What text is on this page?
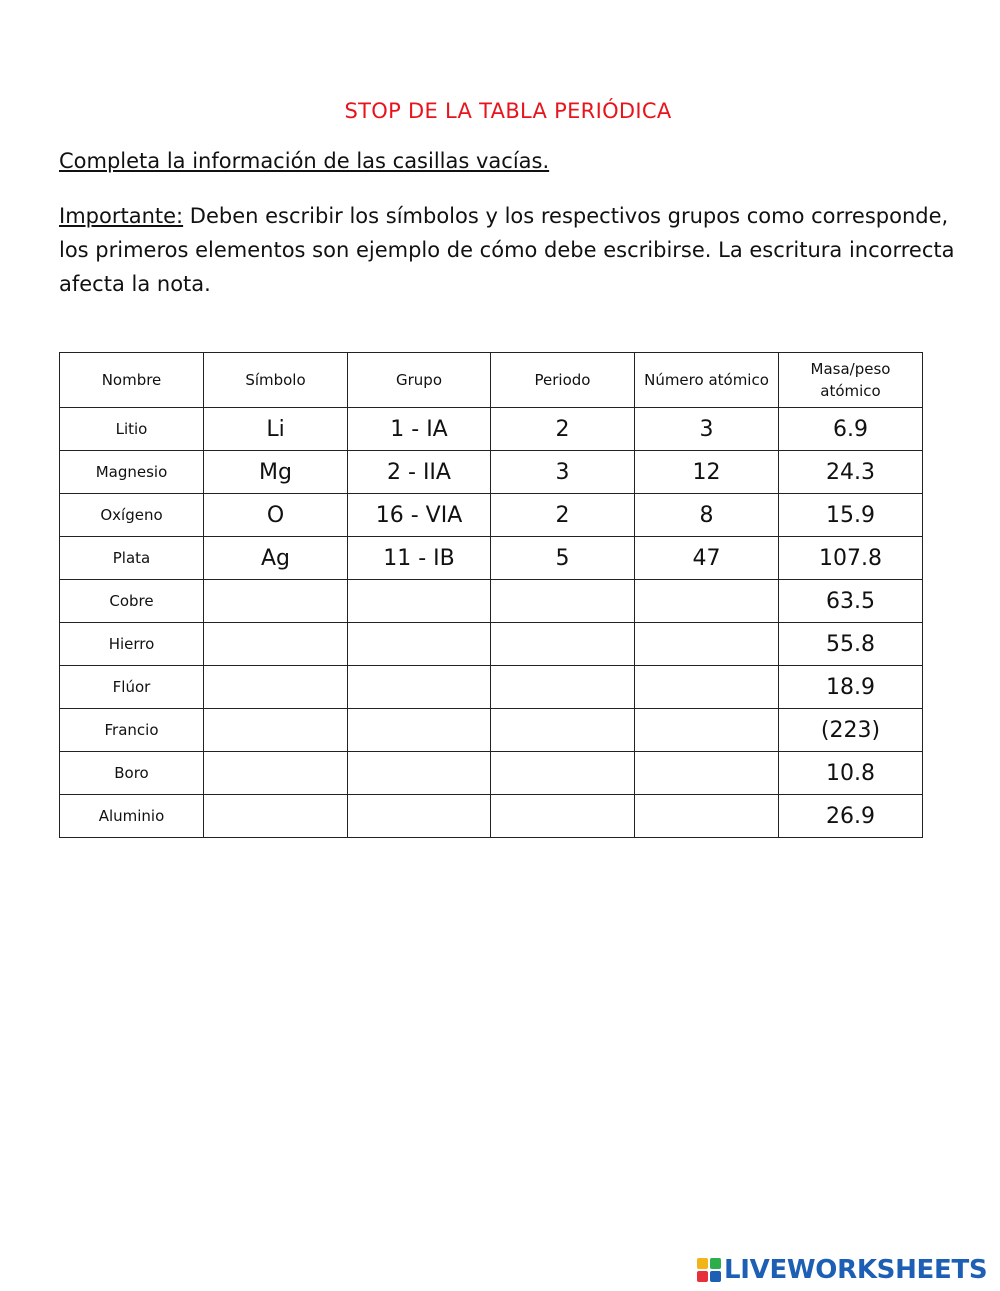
STOP DE LA TABLA PERIÓDICA
Completa la información de las casillas vacías.
Importante: Deben escribir los símbolos y los respectivos grupos como corresponde, los primeros elementos son ejemplo de cómo debe escribirse. La escritura incorrecta afecta la nota.
Nombre	Símbolo	Grupo	Periodo	Número atómico	Masa/peso atómico
Litio	Li	1 - IA	2	3	6.9
Magnesio	Mg	2 - IIA	3	12	24.3
Oxígeno	O	16 - VIA	2	8	15.9
Plata	Ag	11 - IB	5	47	107.8
Cobre					63.5
Hierro					55.8
Flúor					18.9
Francio					(223)
Boro					10.8
Aluminio					26.9
LIVEWORKSHEETS
